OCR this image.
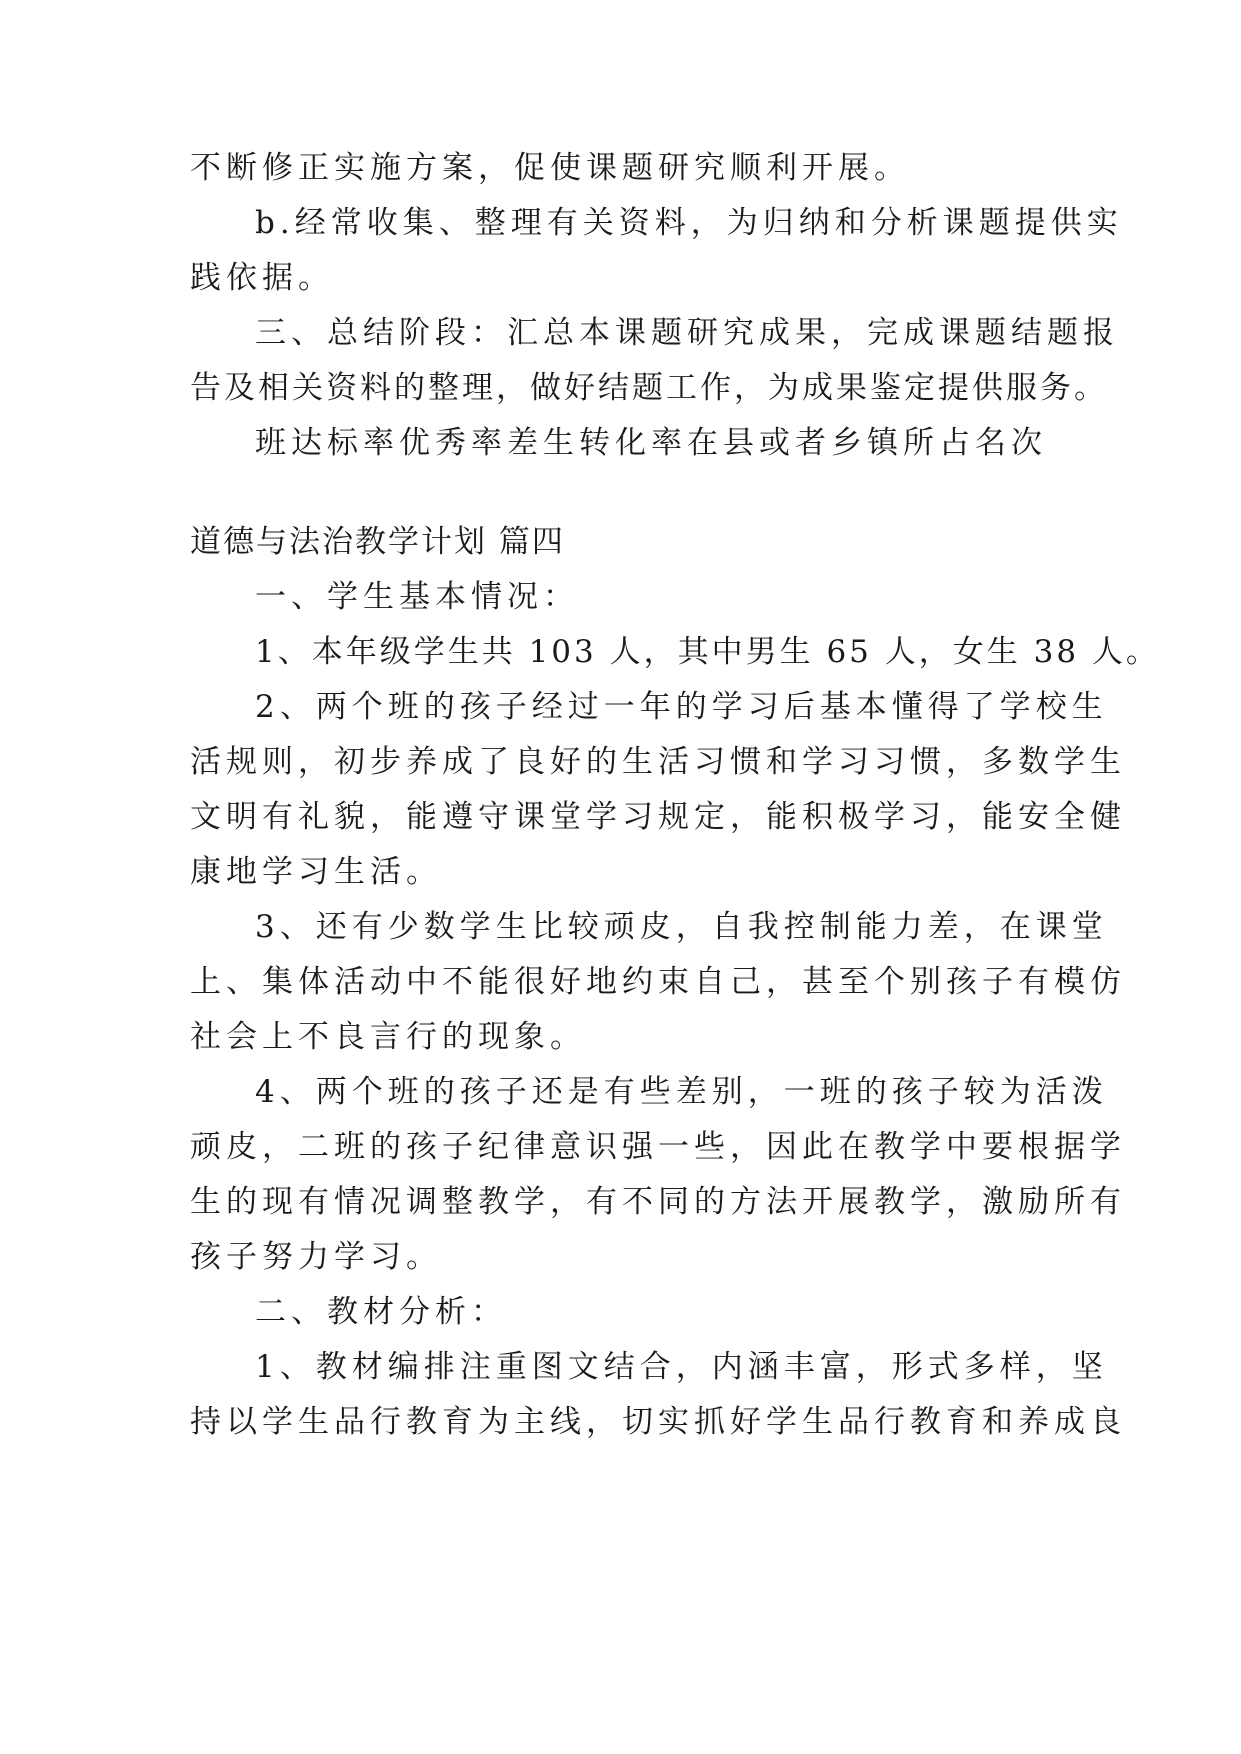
不断修正实施方案，促使课题研究顺利开展。
b.经常收集、整理有关资料，为归纳和分析课题提供实
践依据。
三、总结阶段：汇总本课题研究成果，完成课题结题报
告及相关资料的整理，做好结题工作，为成果鉴定提供服务。
班达标率优秀率差生转化率在县或者乡镇所占名次
道德与法治教学计划 篇四
一、学生基本情况：
1、本年级学生共 103 人，其中男生 65 人，女生 38 人。
2、两个班的孩子经过一年的学习后基本懂得了学校生
活规则，初步养成了良好的生活习惯和学习习惯，多数学生
文明有礼貌，能遵守课堂学习规定，能积极学习，能安全健
康地学习生活。
3、还有少数学生比较顽皮，自我控制能力差，在课堂
上、集体活动中不能很好地约束自己，甚至个别孩子有模仿
社会上不良言行的现象。
4、两个班的孩子还是有些差别，一班的孩子较为活泼
顽皮，二班的孩子纪律意识强一些，因此在教学中要根据学
生的现有情况调整教学，有不同的方法开展教学，激励所有
孩子努力学习。
二、教材分析：
1、教材编排注重图文结合，内涵丰富，形式多样，坚
持以学生品行教育为主线，切实抓好学生品行教育和养成良
